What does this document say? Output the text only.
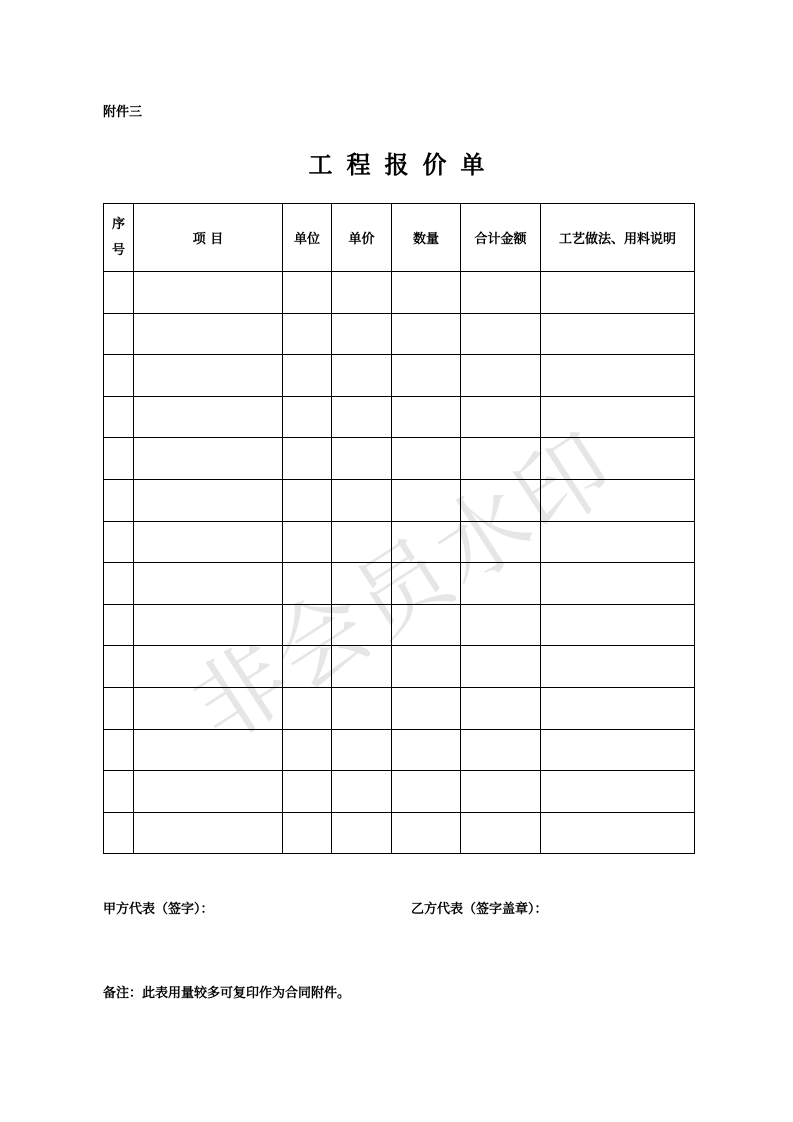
附件三
工程报价单
非会员水印
序号	项 目	单位	单价	数量	合计金额	工艺做法、用料说明

甲方代表（签字）：	乙方代表（签字盖章）：
备注：此表用量较多可复印作为合同附件。
